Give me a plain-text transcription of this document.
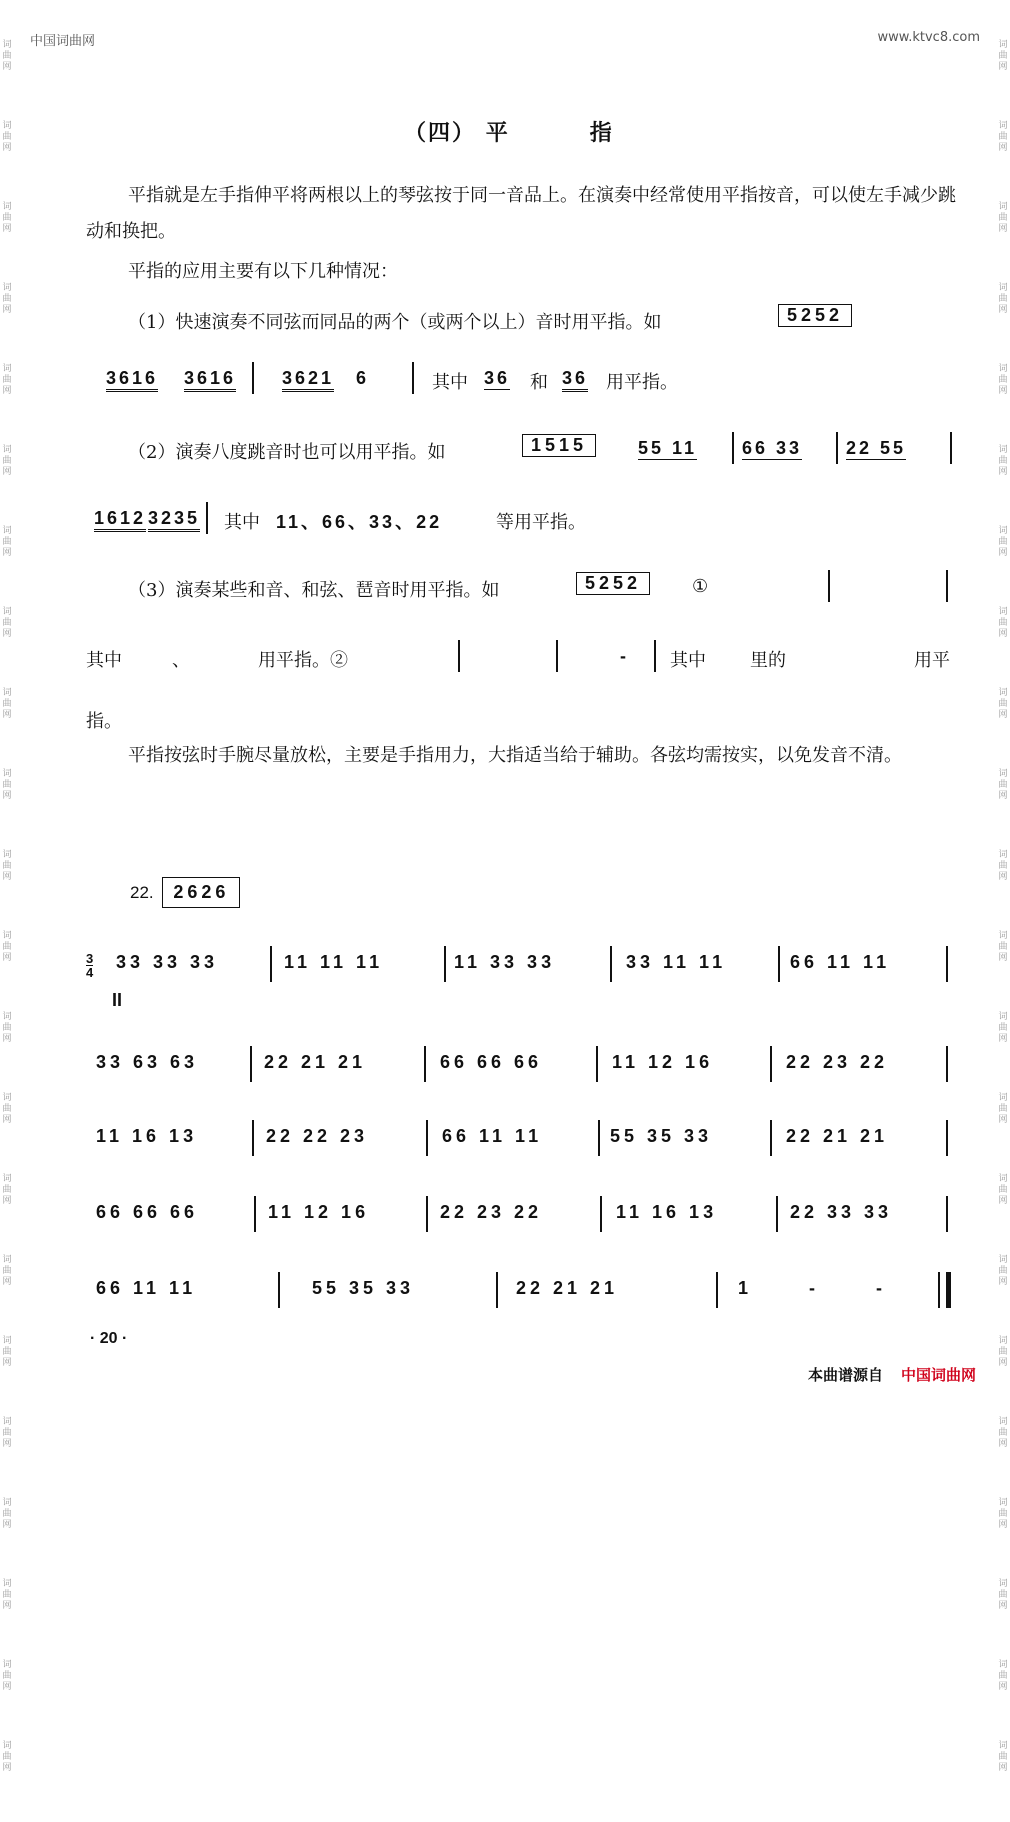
中国词曲网	www.ktvc8.com
词曲网
词曲网
词曲网
词曲网
词曲网
词曲网
词曲网
词曲网
词曲网
词曲网
词曲网
词曲网
词曲网
词曲网
词曲网
词曲网
词曲网
词曲网
词曲网
词曲网
词曲网
词曲网
词曲网
词曲网
词曲网
词曲网
词曲网
词曲网
词曲网
词曲网
词曲网
词曲网
词曲网
词曲网
词曲网
词曲网
词曲网
词曲网
词曲网
词曲网
词曲网
词曲网
词曲网
词曲网
（四） 平	指
平指就是左手指伸平将两根以上的琴弦按于同一音品上。在演奏中经常使用平指按音，可以使左手减少跳动和换把。
平指的应用主要有以下几种情况：
（1）快速演奏不同弦而同品的两个（或两个以上）音时用平指。如	5252
3616 3616	3621 6	其中 36 和 36 用平指。
（2）演奏八度跳音时也可以用平指。如	1515	55 11 66 33 22 55
1612 3235 其中 11、66、33、22	等用平指。
（3）演奏某些和音、和弦、琶音时用平指。如	5252	①
其中	、	用平指。②	- 其中 里的	用平
指。
平指按弦时手腕尽量放松，主要是手指用力，大指适当给于辅助。各弦均需按实，以免发音不清。
22. 2626
3
4
II
33 33 33	11 11 11	11 33 33	33 11 11	66 11 11
33 63 63	22 21 21	66 66 66	11 12 16	22 23 22
11 16 13	22 22 23	66 11 11	55 35 33	22 21 21
66 66 66	11 12 16	22 23 22	11 16 13	22 33 33
66 11 11	55 35 33	22 21 21	1 - -
· 20 ·
本曲谱源自 中国词曲网
